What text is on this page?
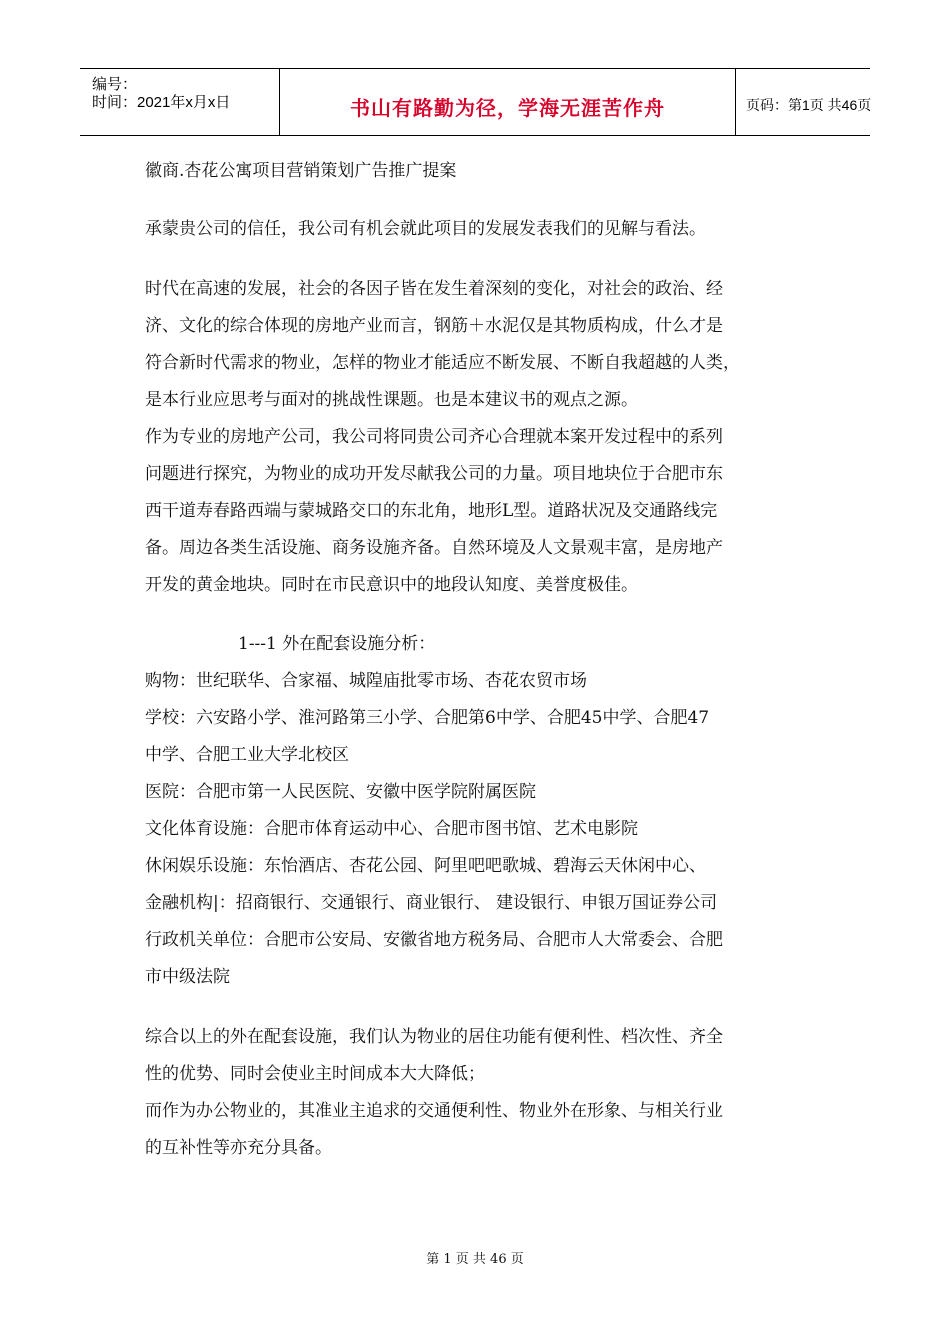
编号：
时间：2021年x月x日	书山有路勤为径，学海无涯苦作舟	页码：第1页 共46页
徽商.杏花公寓项目营销策划广告推广提案
承蒙贵公司的信任，我公司有机会就此项目的发展发表我们的见解与看法。
时代在高速的发展，社会的各因子皆在发生着深刻的变化，对社会的政治、经
济、文化的综合体现的房地产业而言，钢筋＋水泥仅是其物质构成，什么才是
符合新时代需求的物业，怎样的物业才能适应不断发展、不断自我超越的人类，
是本行业应思考与面对的挑战性课题。也是本建议书的观点之源。
作为专业的房地产公司，我公司将同贵公司齐心合理就本案开发过程中的系列
问题进行探究，为物业的成功开发尽献我公司的力量。项目地块位于合肥市东
西干道寿春路西端与蒙城路交口的东北角，地形L型。道路状况及交通路线完
备。周边各类生活设施、商务设施齐备。自然环境及人文景观丰富，是房地产
开发的黄金地块。同时在市民意识中的地段认知度、美誉度极佳。
1---1 外在配套设施分析：
购物：世纪联华、合家福、城隍庙批零市场、杏花农贸市场
学校：六安路小学、淮河路第三小学、合肥第6中学、合肥45中学、合肥47
中学、合肥工业大学北校区
医院：合肥市第一人民医院、安徽中医学院附属医院
文化体育设施：合肥市体育运动中心、合肥市图书馆、艺术电影院
休闲娱乐设施：东怡酒店、杏花公园、阿里吧吧歌城、碧海云天休闲中心、
金融机构|：招商银行、交通银行、商业银行、 建设银行、申银万国证券公司
行政机关单位：合肥市公安局、安徽省地方税务局、合肥市人大常委会、合肥
市中级法院
综合以上的外在配套设施，我们认为物业的居住功能有便利性、档次性、齐全
性的优势、同时会使业主时间成本大大降低；
而作为办公物业的，其准业主追求的交通便利性、物业外在形象、与相关行业
的互补性等亦充分具备。
第 1 页 共 46 页
